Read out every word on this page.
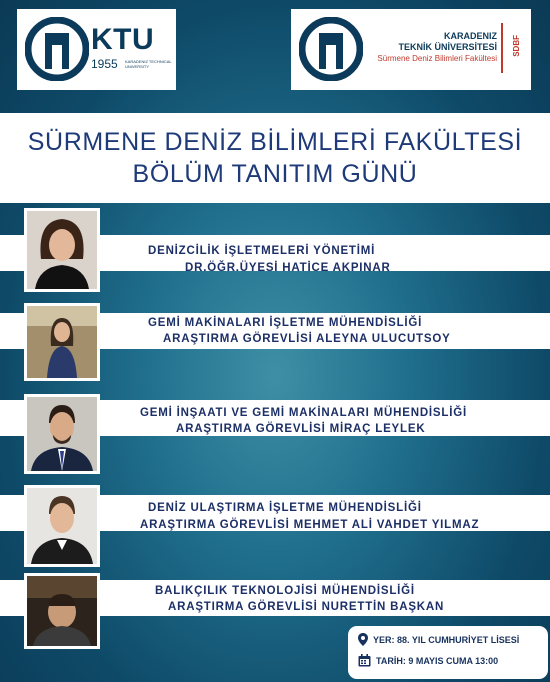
KTU
1955 KARADENIZ TECHNICAL UNIVERSITY
KARADENIZ
TEKNİK ÜNİVERSİTESİ
Sürmene Deniz Bilimleri Fakültesi
SDBF
SÜRMENE DENİZ BİLİMLERİ FAKÜLTESİ
BÖLÜM TANITIM GÜNÜ
DENİZCİLİK İŞLETMELERİ YÖNETİMİ
DR.ÖĞR.ÜYESİ HATİCE AKPINAR
GEMİ MAKİNALARI İŞLETME MÜHENDİSLİĞİ
ARAŞTIRMA GÖREVLİSİ ALEYNA ULUCUTSOY
GEMİ İNŞAATI VE GEMİ MAKİNALARI MÜHENDİSLİĞİ
ARAŞTIRMA GÖREVLİSİ MİRAÇ LEYLEK
DENİZ ULAŞTIRMA İŞLETME MÜHENDİSLİĞİ
ARAŞTIRMA GÖREVLİSİ MEHMET ALİ VAHDET YILMAZ
BALIKÇILIK TEKNOLOJİSİ MÜHENDİSLİĞİ
ARAŞTIRMA GÖREVLİSİ NURETTİN BAŞKAN
YER: 88. YIL CUMHURİYET LİSESİ
TARİH: 9 MAYIS CUMA 13:00
